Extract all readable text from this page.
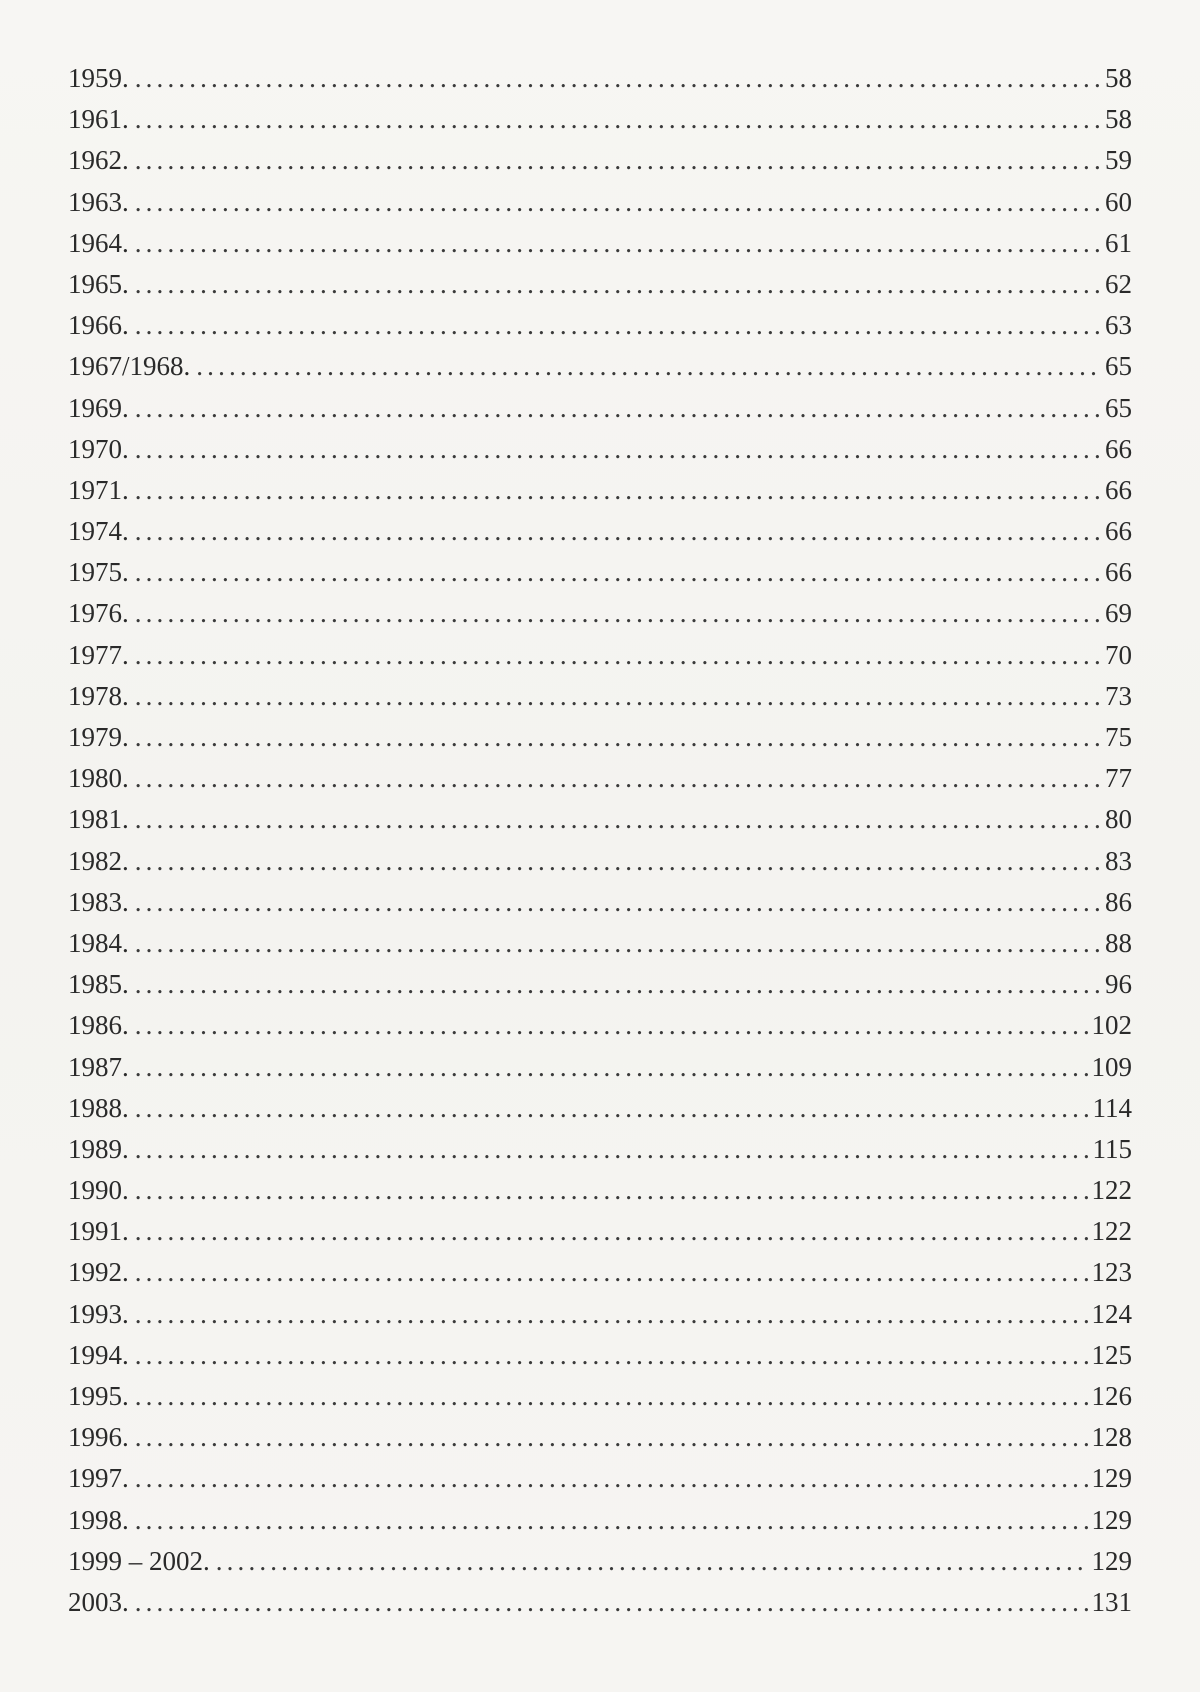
1959. . . .	58
1961. . . .	58
1962. . . .	59
1963. . . .	60
1964. . . .	61
1965. . . .	62
1966. . . .	63
1967/1968. . . .	65
1969. . . .	65
1970. . . .	66
1971. . . .	66
1974. . . .	66
1975. . . .	66
1976. . . .	69
1977. . . .	70
1978. . . .	73
1979. . . .	75
1980. . . .	77
1981. . . .	80
1982. . . .	83
1983. . . .	86
1984. . . .	88
1985. . . .	96
1986. . . .	102
1987. . . .	109
1988. . . .	114
1989. . . .	115
1990. . . .	122
1991. . . .	122
1992. . . .	123
1993. . . .	124
1994. . . .	125
1995. . . .	126
1996. . . .	128
1997. . . .	129
1998. . . .	129
1999 – 2002. . . .	129
2003. . . .	131
